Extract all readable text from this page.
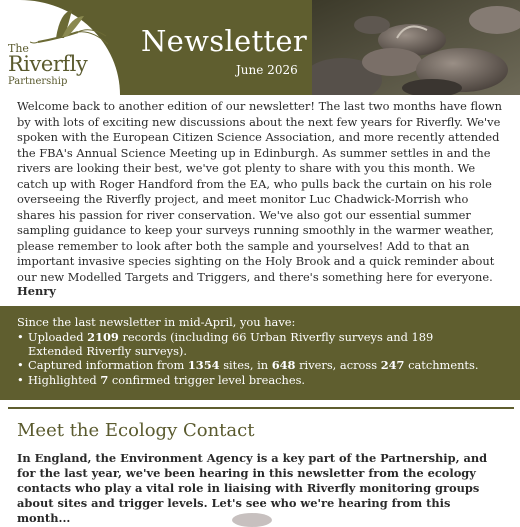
The
Riverfly
Partnership
Newsletter
June 2026

Welcome back to another edition of our newsletter! The last two months have flown by with lots of exciting new discussions about the next few years for Riverfly. We've spoken with the European Citizen Science Association, and more recently attended the FBA's Annual Science Meeting up in Edinburgh. As summer settles in and the rivers are looking their best, we've got plenty to share with you this month. We catch up with Roger Handford from the EA, who pulls back the curtain on his role overseeing the Riverfly project, and meet monitor Luc Chadwick-Morrish who shares his passion for river conservation. We've also got our essential summer sampling guidance to keep your surveys running smoothly in the warmer weather, please remember to look after both the sample and yourselves! Add to that an important invasive species sighting on the Holy Brook and a quick reminder about our new Modelled Targets and Triggers, and there's something here for everyone.

Henry
Since the last newsletter in mid-April, you have:
• Uploaded 2109 records (including 66 Urban Riverfly surveys and 189 Extended Riverfly surveys).
• Captured information from 1354 sites, in 648 rivers, across 247 catchments.
• Highlighted 7 confirmed trigger level breaches.
Meet the Ecology Contact

In England, the Environment Agency is a key part of the Partnership, and for the last year, we've been hearing in this newsletter from the ecology contacts who play a vital role in liaising with Riverfly monitoring groups about sites and trigger levels. Let's see who we're hearing from this month...
